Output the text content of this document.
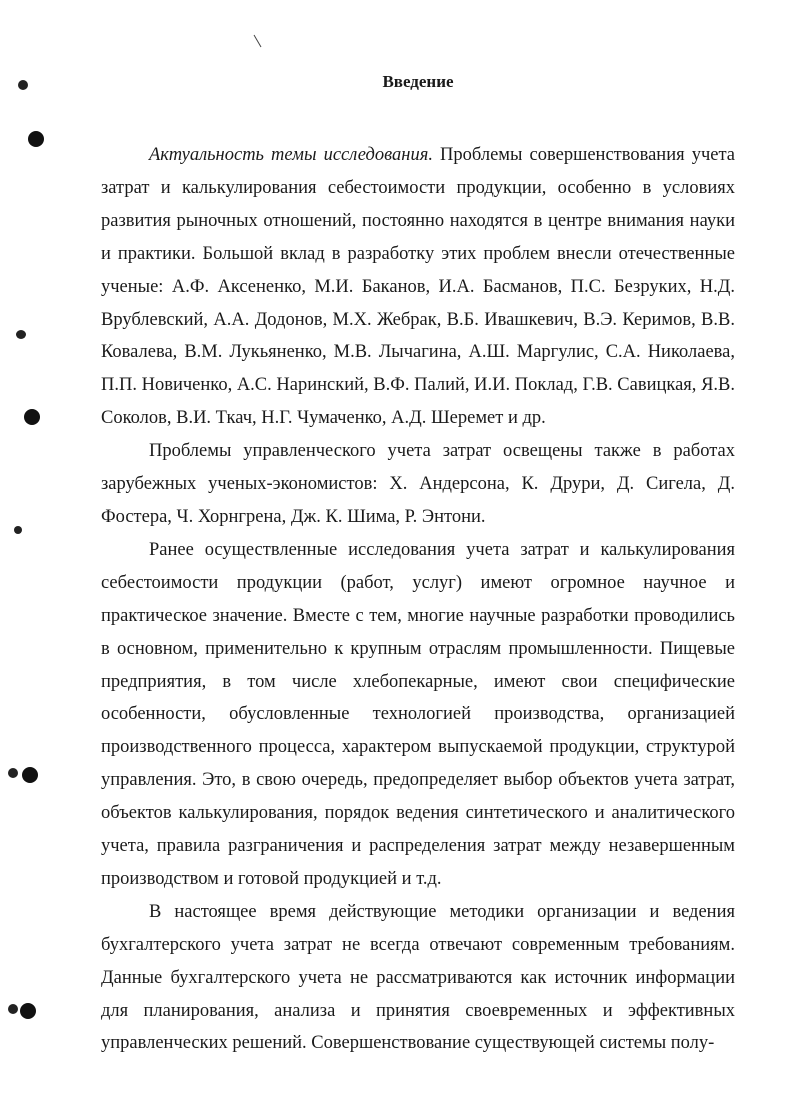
Введение

Актуальность темы исследования. Проблемы совершенствования учета затрат и калькулирования себестоимости продукции, особенно в условиях развития рыночных отношений, постоянно находятся в центре внимания науки и практики. Большой вклад в разработку этих проблем внесли отечественные ученые: А.Ф. Аксененко, М.И. Баканов, И.А. Басманов, П.С. Безруких, Н.Д. Врублевский, А.А. Додонов, М.Х. Жебрак, В.Б. Ивашкевич, В.Э. Керимов, В.В. Ковалева, В.М. Лукьяненко, М.В. Лычагина, А.Ш. Маргулис, С.А. Николаева, П.П. Новиченко, А.С. Наринский, В.Ф. Палий, И.И. Поклад, Г.В. Савицкая, Я.В. Соколов, В.И. Ткач, Н.Г. Чумаченко, А.Д. Шеремет и др.

Проблемы управленческого учета затрат освещены также в работах зарубежных ученых-экономистов: Х. Андерсона, К. Друри, Д. Сигела, Д. Фостера, Ч. Хорнгрена, Дж. К. Шима, Р. Энтони.

Ранее осуществленные исследования учета затрат и калькулирования себестоимости продукции (работ, услуг) имеют огромное научное и практическое значение. Вместе с тем, многие научные разработки проводились в основном, применительно к крупным отраслям промышленности. Пищевые предприятия, в том числе хлебопекарные, имеют свои специфические особенности, обусловленные технологией производства, организацией производственного процесса, характером выпускаемой продукции, структурой управления. Это, в свою очередь, предопределяет выбор объектов учета затрат, объектов калькулирования, порядок ведения синтетического и аналитического учета, правила разграничения и распределения затрат между незавершенным производством и готовой продукцией и т.д.

В настоящее время действующие методики организации и ведения бухгалтерского учета затрат не всегда отвечают современным требованиям. Данные бухгалтерского учета не рассматриваются как источник информации для планирования, анализа и принятия своевременных и эффективных управленческих решений. Совершенствование существующей системы полу-
